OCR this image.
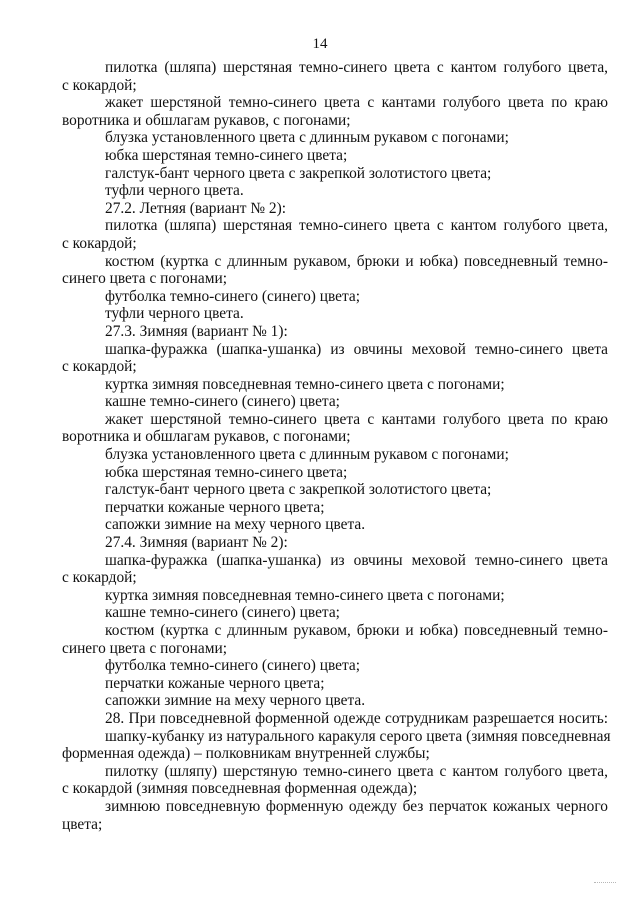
14
пилотка (шляпа) шерстяная темно-синего цвета с кантом голубого цвета,
с кокардой;
жакет шерстяной темно-синего цвета с кантами голубого цвета по краю
воротника и обшлагам рукавов, с погонами;
блузка установленного цвета с длинным рукавом с погонами;
юбка шерстяная темно-синего цвета;
галстук-бант черного цвета с закрепкой золотистого цвета;
туфли черного цвета.
27.2. Летняя (вариант № 2):
пилотка (шляпа) шерстяная темно-синего цвета с кантом голубого цвета,
с кокардой;
костюм (куртка с длинным рукавом, брюки и юбка) повседневный темно-
синего цвета с погонами;
футболка темно-синего (синего) цвета;
туфли черного цвета.
27.3. Зимняя (вариант № 1):
шапка-фуражка (шапка-ушанка) из овчины меховой темно-синего цвета
с кокардой;
куртка зимняя повседневная темно-синего цвета с погонами;
кашне темно-синего (синего) цвета;
жакет шерстяной темно-синего цвета с кантами голубого цвета по краю
воротника и обшлагам рукавов, с погонами;
блузка установленного цвета с длинным рукавом с погонами;
юбка шерстяная темно-синего цвета;
галстук-бант черного цвета с закрепкой золотистого цвета;
перчатки кожаные черного цвета;
сапожки зимние на меху черного цвета.
27.4. Зимняя (вариант № 2):
шапка-фуражка (шапка-ушанка) из овчины меховой темно-синего цвета
с кокардой;
куртка зимняя повседневная темно-синего цвета с погонами;
кашне темно-синего (синего) цвета;
костюм (куртка с длинным рукавом, брюки и юбка) повседневный темно-
синего цвета с погонами;
футболка темно-синего (синего) цвета;
перчатки кожаные черного цвета;
сапожки зимние на меху черного цвета.
28. При повседневной форменной одежде сотрудникам разрешается носить:
шапку-кубанку из натурального каракуля серого цвета (зимняя повседневная
форменная одежда) – полковникам внутренней службы;
пилотку (шляпу) шерстяную темно-синего цвета с кантом голубого цвета,
с кокардой (зимняя повседневная форменная одежда);
зимнюю повседневную форменную одежду без перчаток кожаных черного
цвета;
